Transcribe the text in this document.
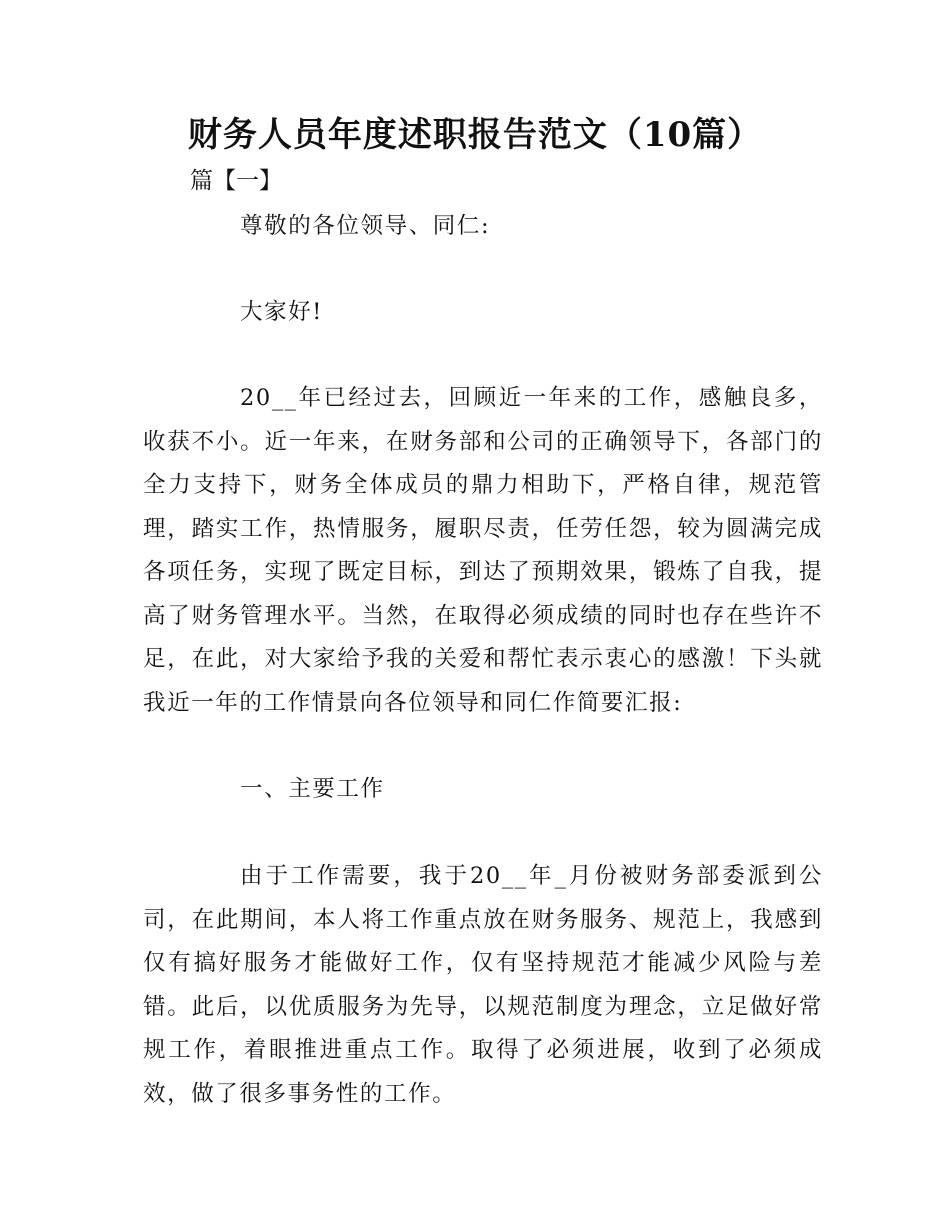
财务人员年度述职报告范文（10篇）
篇【一】

尊敬的各位领导、同仁:

大家好!

20__年已经过去，回顾近一年来的工作，感触良多，收获不小。近一年来，在财务部和公司的正确领导下，各部门的全力支持下，财务全体成员的鼎力相助下，严格自律，规范管理，踏实工作，热情服务，履职尽责，任劳任怨，较为圆满完成各项任务，实现了既定目标，到达了预期效果，锻炼了自我，提高了财务管理水平。当然，在取得必须成绩的同时也存在些许不足，在此，对大家给予我的关爱和帮忙表示衷心的感激！下头就我近一年的工作情景向各位领导和同仁作简要汇报:

一、主要工作

由于工作需要，我于20__年_月份被财务部委派到公司，在此期间，本人将工作重点放在财务服务、规范上，我感到仅有搞好服务才能做好工作，仅有坚持规范才能减少风险与差错。此后，以优质服务为先导，以规范制度为理念，立足做好常规工作，着眼推进重点工作。取得了必须进展，收到了必须成效，做了很多事务性的工作。
